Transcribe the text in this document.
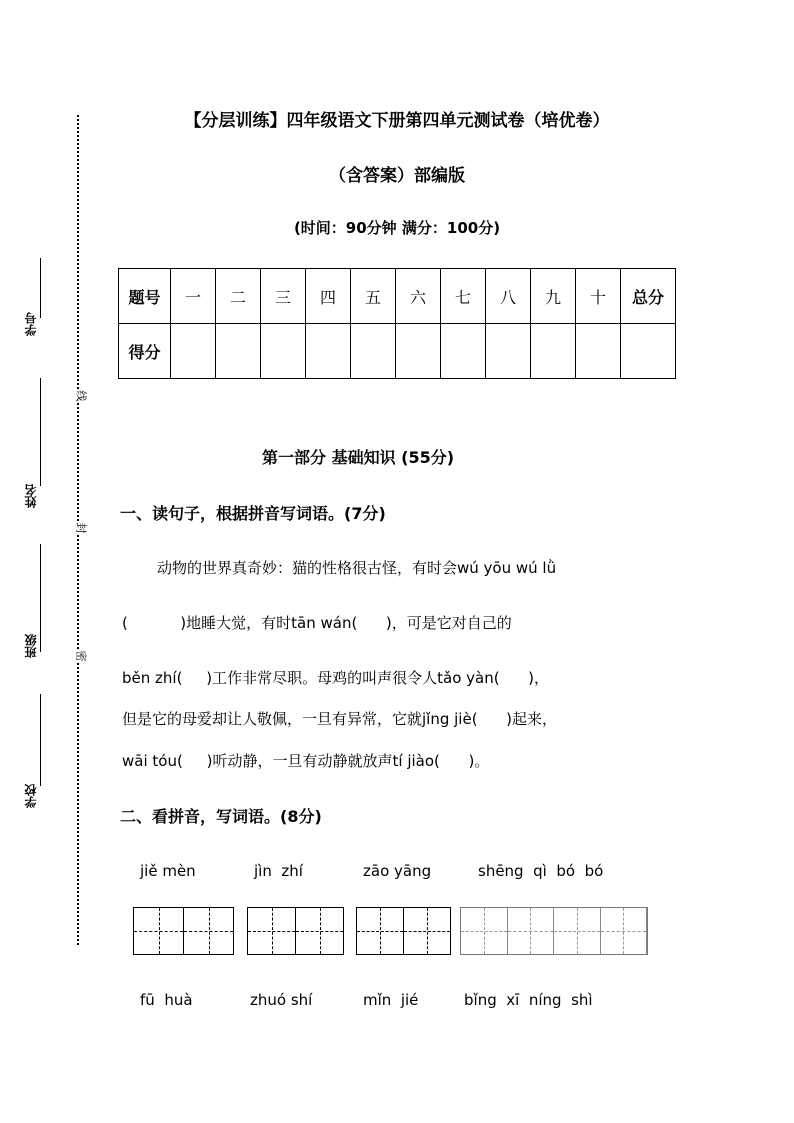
【分层训练】四年级语文下册第四单元测试卷（培优卷）
（含答案）部编版
(时间：90分钟 满分：100分)
学号
姓名
班级
学校
线
封
密
题号	一	二	三	四	五	六	七	八	九	十	总分
得分											
第一部分 基础知识 (55分)
一、读句子，根据拼音写词语。(7分)
动物的世界真奇妙：猫的性格很古怪，有时会wú yōu wú lǜ
(           )地睡大觉，有时tān wán(      )，可是它对自己的
běn zhí(     )工作非常尽职。母鸡的叫声很令人tǎo yàn(      )，
但是它的母爱却让人敬佩，一旦有异常，它就jǐng jiè(      )起来，
wāi tóu(     )听动静，一旦有动静就放声tí jiào(      )。
二、看拼音，写词语。(8分)
jiě mèn	jìn  zhí	zāo yāng	shēng  qì  bó  bó
fū  huà	zhuó shí	mǐn  jié	bǐng  xī  níng  shì
